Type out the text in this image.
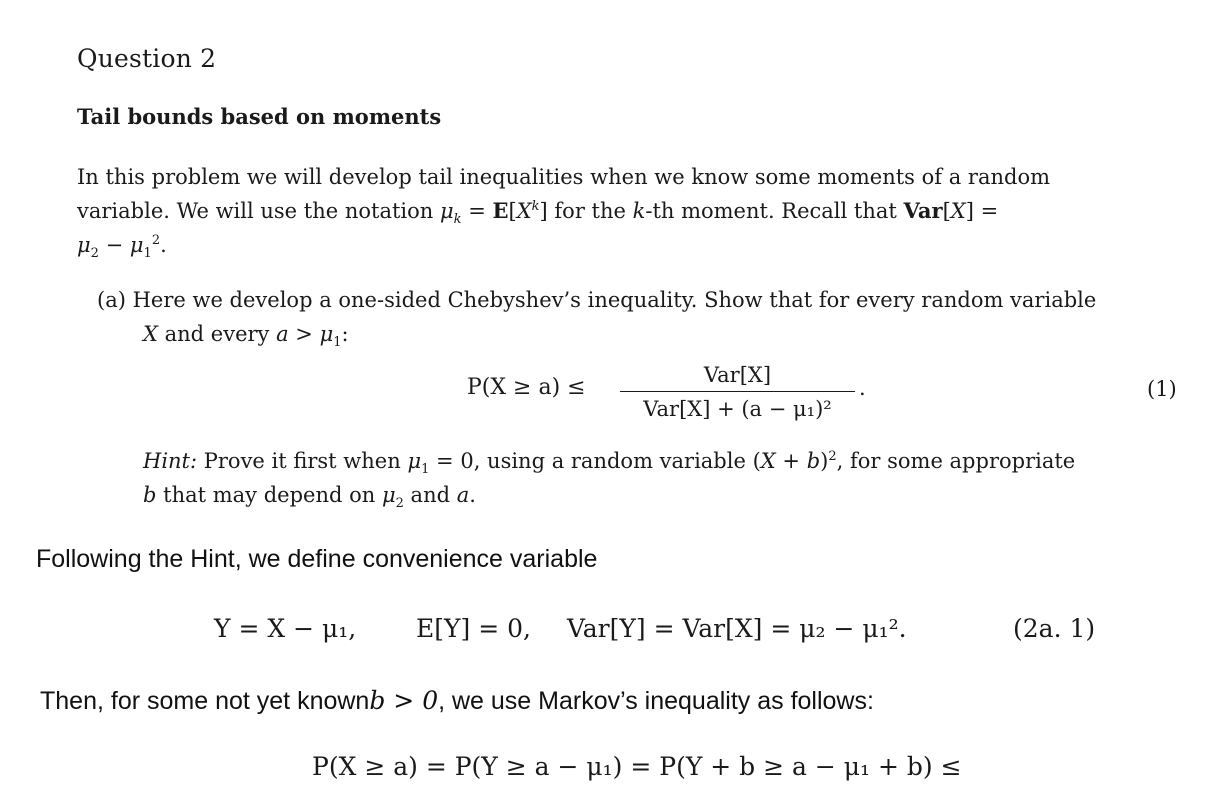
Question 2
Tail bounds based on moments
In this problem we will develop tail inequalities when we know some moments of a random
variable. We will use the notation $\mu_k = E[X^k]$ for the k-th moment. Recall that Var[X] =
$\mu_2 - \mu_1^2$.
(a) Here we develop a one-sided Chebyshev’s inequality. Show that for every random variable
X and every $a > \mu_1$:
P(X ≥ a) ≤	Var[X]
Var[X] + (a − μ₁)²
.	(1)
Hint: Prove it first when $\mu_1 = 0$, using a random variable $(X + b)^2$, for some appropriate
b that may depend on $\mu_2$ and a.
Following the Hint, we define convenience variable
Y = X − μ₁, E[Y] = 0, Var[Y] = Var[X] = μ₂ − μ₁².	(2a. 1)
Then, for some not yet knownb > 0, we use Markov’s inequality as follows:
P(X ≥ a) = P(Y ≥ a − μ₁) = P(Y + b ≥ a − μ₁ + b) ≤
